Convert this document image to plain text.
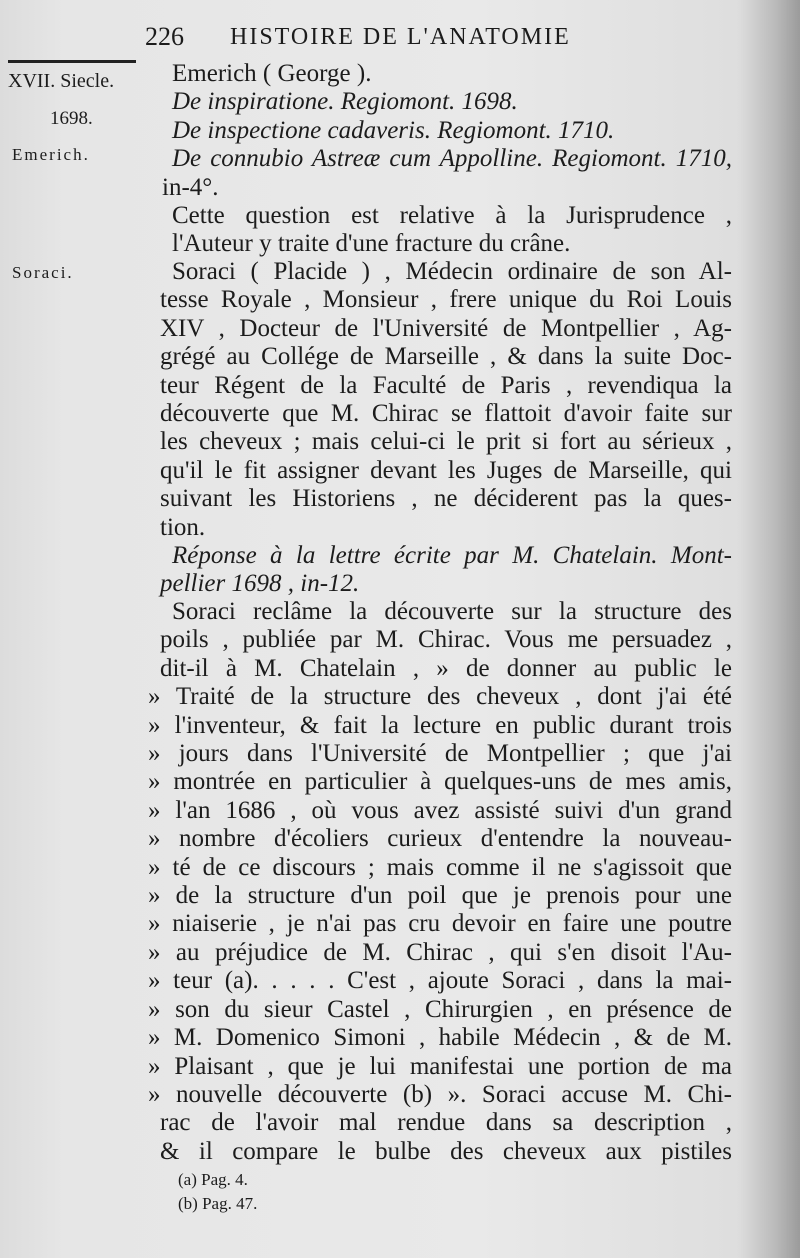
226 HISTOIRE DE L'ANATOMIE
XVII. Siecle.
1698.
Emerich.
Soraci.
Emerich ( George ).
De inspiratione. Regiomont. 1698.
De inspectione cadaveris. Regiomont. 1710.
De connubio Astreæ cum Appolline. Regiomont. 1710,
in-4°.
Cette question est relative à la Jurisprudence ,
l'Auteur y traite d'une fracture du crâne.
Soraci ( Placide ) , Médecin ordinaire de son Al-
tesse Royale , Monsieur , frere unique du Roi Louis
XIV , Docteur de l'Université de Montpellier , Ag-
grégé au Collége de Marseille , & dans la suite Doc-
teur Régent de la Faculté de Paris , revendiqua la
découverte que M. Chirac se flattoit d'avoir faite sur
les cheveux ; mais celui-ci le prit si fort au sérieux ,
qu'il le fit assigner devant les Juges de Marseille, qui
suivant les Historiens , ne déciderent pas la ques-
tion.
Réponse à la lettre écrite par M. Chatelain. Mont-
pellier 1698 , in-12.
Soraci reclâme la découverte sur la structure des
poils , publiée par M. Chirac. Vous me persuadez ,
dit-il à M. Chatelain , » de donner au public le
» Traité de la structure des cheveux , dont j'ai été
» l'inventeur, & fait la lecture en public durant trois
» jours dans l'Université de Montpellier ; que j'ai
» montrée en particulier à quelques-uns de mes amis,
» l'an 1686 , où vous avez assisté suivi d'un grand
» nombre d'écoliers curieux d'entendre la nouveau-
» té de ce discours ; mais comme il ne s'agissoit que
» de la structure d'un poil que je prenois pour une
» niaiserie , je n'ai pas cru devoir en faire une poutre
» au préjudice de M. Chirac , qui s'en disoit l'Au-
» teur (a). . . . . C'est , ajoute Soraci , dans la mai-
» son du sieur Castel , Chirurgien , en présence de
» M. Domenico Simoni , habile Médecin , & de M.
» Plaisant , que je lui manifestai une portion de ma
» nouvelle découverte (b) ». Soraci accuse M. Chi-
rac de l'avoir mal rendue dans sa description ,
& il compare le bulbe des cheveux aux pistiles
(a) Pag. 4.
(b) Pag. 47.
